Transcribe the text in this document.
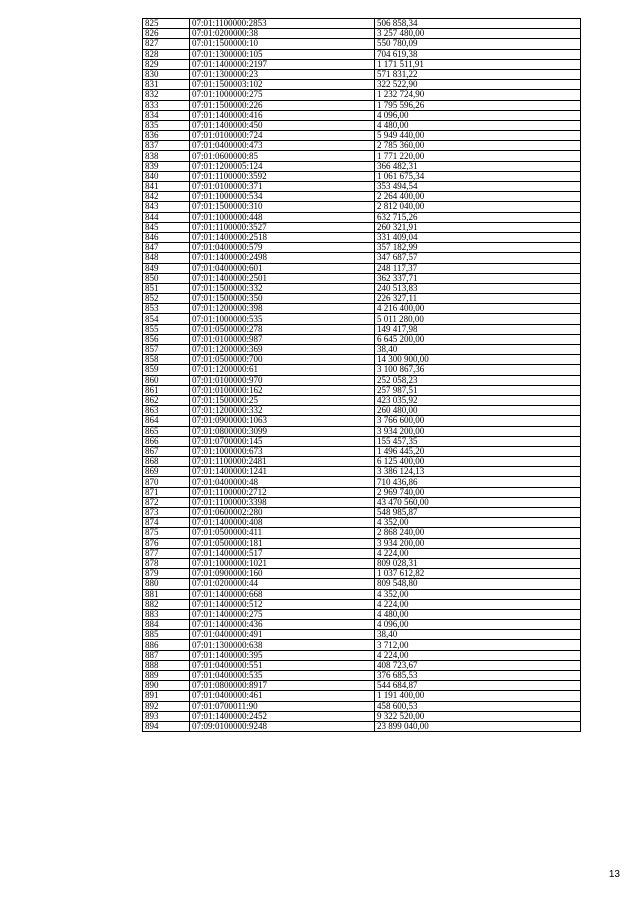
825	07:01:1100000:2853	506 858,34
826	07:01:0200000:38	3 257 480,00
827	07:01:1500000:10	550 780,09
828	07:01:1300000:105	704 619,38
829	07:01:1400000:2197	1 171 511,91
830	07:01:1300000:23	571 831,22
831	07:01:1500003:102	322 522,90
832	07:01:1000000:275	1 232 724,90
833	07:01:1500000:226	1 795 596,26
834	07:01:1400000:416	4 096,00
835	07:01:1400000:450	4 480,00
836	07:01:0100000:724	5 949 440,00
837	07:01:0400000:473	2 785 360,00
838	07:01:0600000:85	1 771 220,00
839	07:01:1200005:124	366 482,31
840	07:01:1100000:3592	1 061 675,34
841	07:01:0100000:371	353 494,54
842	07:01:1000000:534	2 264 400,00
843	07:01:1500000:310	2 812 040,00
844	07:01:1000000:448	632 715,26
845	07:01:1100000:3527	260 321,91
846	07:01:1400000:2518	331 409,04
847	07:01:0400000:579	357 182,99
848	07:01:1400000:2498	347 687,57
849	07:01:0400000:601	248 117,37
850	07:01:1400000:2501	362 337,71
851	07:01:1500000:332	240 513,83
852	07:01:1500000:350	226 327,11
853	07:01:1200000:398	4 216 400,00
854	07:01:1000000:535	5 011 280,00
855	07:01:0500000:278	149 417,98
856	07:01:0100000:987	6 645 200,00
857	07:01:1200000:369	38,40
858	07:01:0500000:700	14 300 900,00
859	07:01:1200000:61	3 100 867,36
860	07:01:0100000:970	252 058,23
861	07:01:0100000:162	257 987,51
862	07:01:1500000:25	423 035,92
863	07:01:1200000:332	260 480,00
864	07:01:0900000:1063	3 766 600,00
865	07:01:0800000:3099	3 934 200,00
866	07:01:0700000:145	155 457,35
867	07:01:1000000:673	1 496 445,20
868	07:01:1100000:2481	6 125 400,00
869	07:01:1400000:1241	3 386 124,13
870	07:01:0400000:48	710 436,86
871	07:01:1100000:2712	2 969 740,00
872	07:01:1100000:3398	43 470 560,00
873	07:01:0600002:280	548 985,87
874	07:01:1400000:408	4 352,00
875	07:01:0500000:411	2 868 240,00
876	07:01:0500000:181	3 934 200,00
877	07:01:1400000:517	4 224,00
878	07:01:1000000:1021	809 028,31
879	07:01:0900000:160	1 037 612,82
880	07:01:0200000:44	809 548,80
881	07:01:1400000:668	4 352,00
882	07:01:1400000:512	4 224,00
883	07:01:1400000:275	4 480,00
884	07:01:1400000:436	4 096,00
885	07:01:0400000:491	38,40
886	07:01:1300000:638	3 712,00
887	07:01:1400000:395	4 224,00
888	07:01:0400000:551	408 723,67
889	07:01:0400000:535	376 685,53
890	07:01:0800000:8917	544 684,87
891	07:01:0400000:461	1 191 400,00
892	07:01:0700011:90	458 600,53
893	07:01:1400000:2452	9 322 520,00
894	07:09:0100000:9248	23 899 040,00
13
